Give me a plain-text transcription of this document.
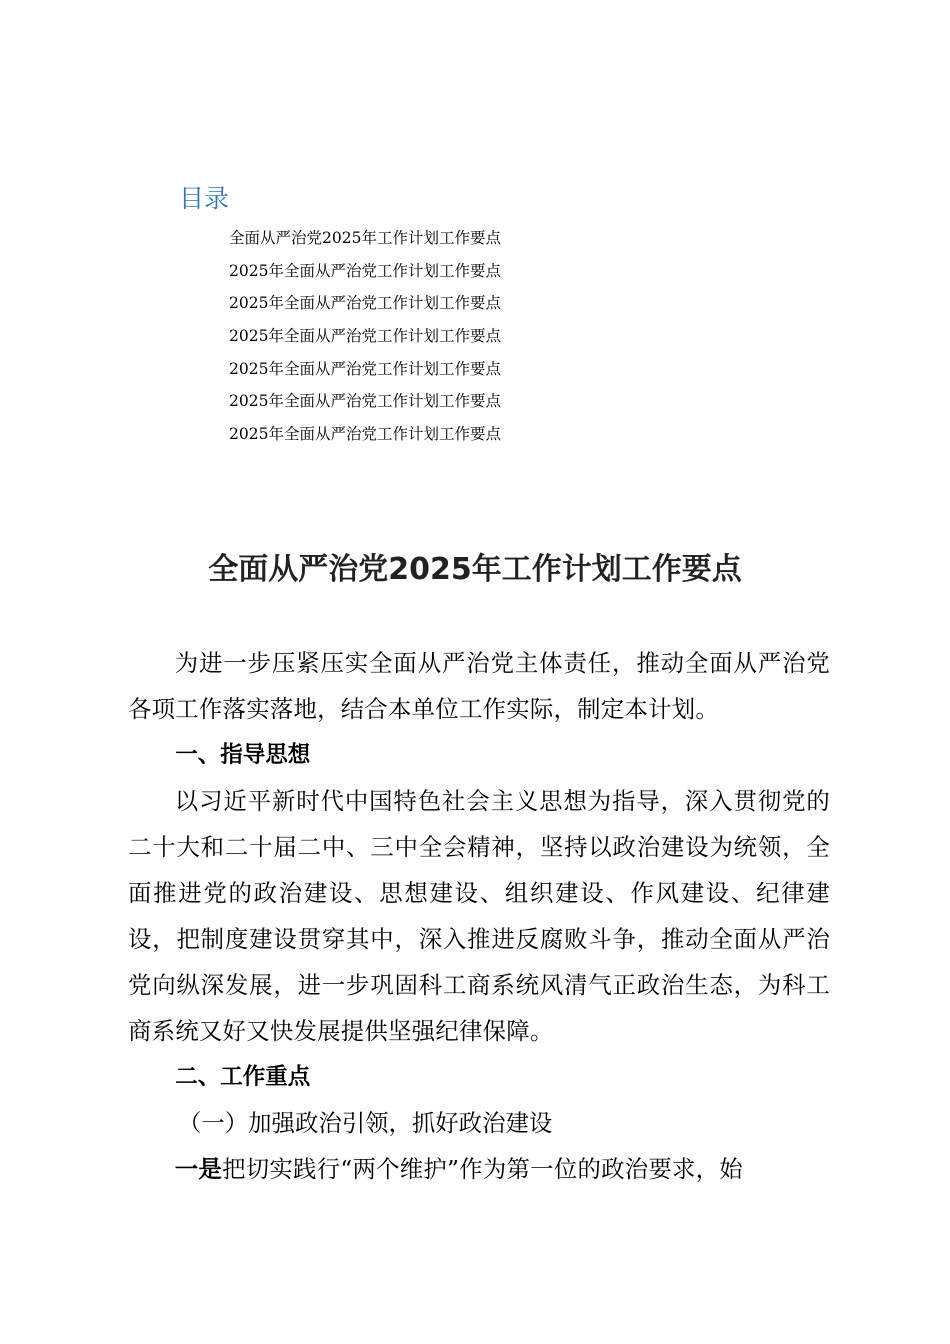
目录
全面从严治党2025年工作计划工作要点
2025年全面从严治党工作计划工作要点
2025年全面从严治党工作计划工作要点
2025年全面从严治党工作计划工作要点
2025年全面从严治党工作计划工作要点
2025年全面从严治党工作计划工作要点
2025年全面从严治党工作计划工作要点
全面从严治党2025年工作计划工作要点

为进一步压紧压实全面从严治党主体责任，推动全面从严治党各项工作落实落地，结合本单位工作实际，制定本计划。

一、指导思想

以习近平新时代中国特色社会主义思想为指导，深入贯彻党的二十大和二十届二中、三中全会精神，坚持以政治建设为统领，全面推进党的政治建设、思想建设、组织建设、作风建设、纪律建设，把制度建设贯穿其中，深入推进反腐败斗争，推动全面从严治党向纵深发展，进一步巩固科工商系统风清气正政治生态，为科工商系统又好又快发展提供坚强纪律保障。

二、工作重点

（一）加强政治引领，抓好政治建设

一是把切实践行“两个维护”作为第一位的政治要求，始
